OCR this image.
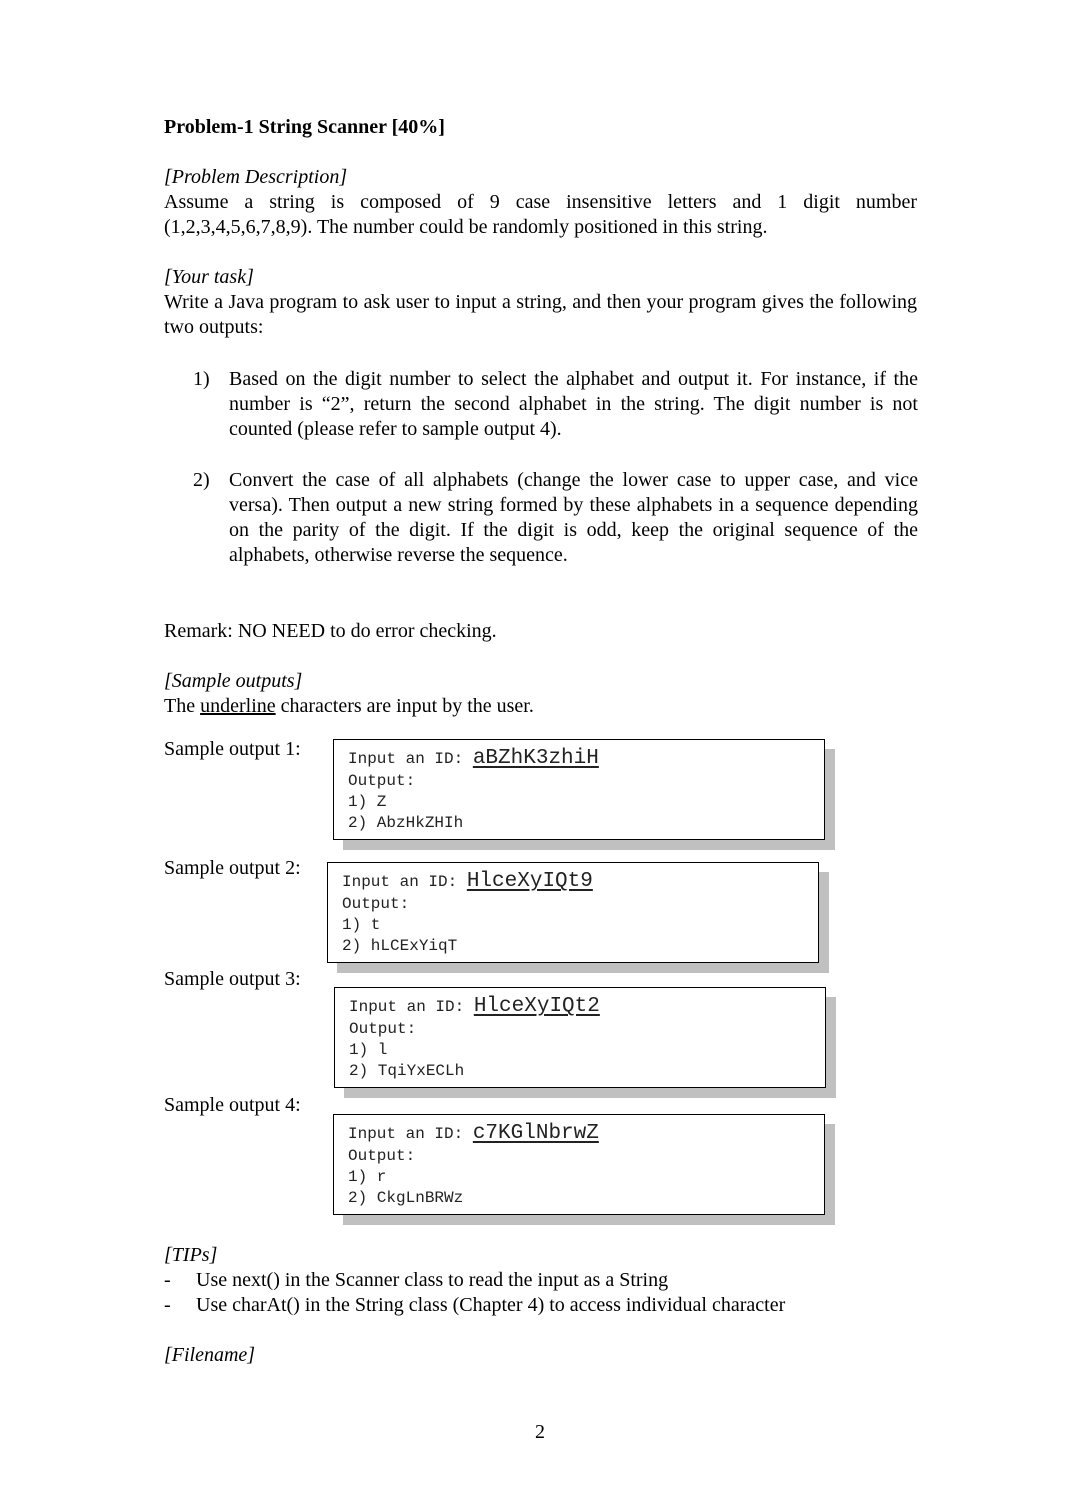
Problem-1 String Scanner [40%]
[Problem Description]
Assume a string is composed of 9 case insensitive letters and 1 digit number (1,2,3,4,5,6,7,8,9). The number could be randomly positioned in this string.
[Your task]
Write a Java program to ask user to input a string, and then your program gives the following two outputs:
1) Based on the digit number to select the alphabet and output it. For instance, if the number is “2”, return the second alphabet in the string. The digit number is not counted (please refer to sample output 4).
2) Convert the case of all alphabets (change the lower case to upper case, and vice versa). Then output a new string formed by these alphabets in a sequence depending on the parity of the digit. If the digit is odd, keep the original sequence of the alphabets, otherwise reverse the sequence.
Remark: NO NEED to do error checking.
[Sample outputs]
The underline characters are input by the user.
Sample output 1:	Input an ID: aBZhK3zhiH
Output:
1) Z
2) AbzHkZHIh
Sample output 2:
Input an ID: HlceXyIQt9
Output:
1) t
2) hLCExYiqT
Sample output 3:
Input an ID: HlceXyIQt2
Output:
1) l
2) TqiYxECLh
Sample output 4:
Input an ID: c7KGlNbrwZ
Output:
1) r
2) CkgLnBRWz
[TIPs]
- Use next() in the Scanner class to read the input as a String
- Use charAt() in the String class (Chapter 4) to access individual character
[Filename]
2
